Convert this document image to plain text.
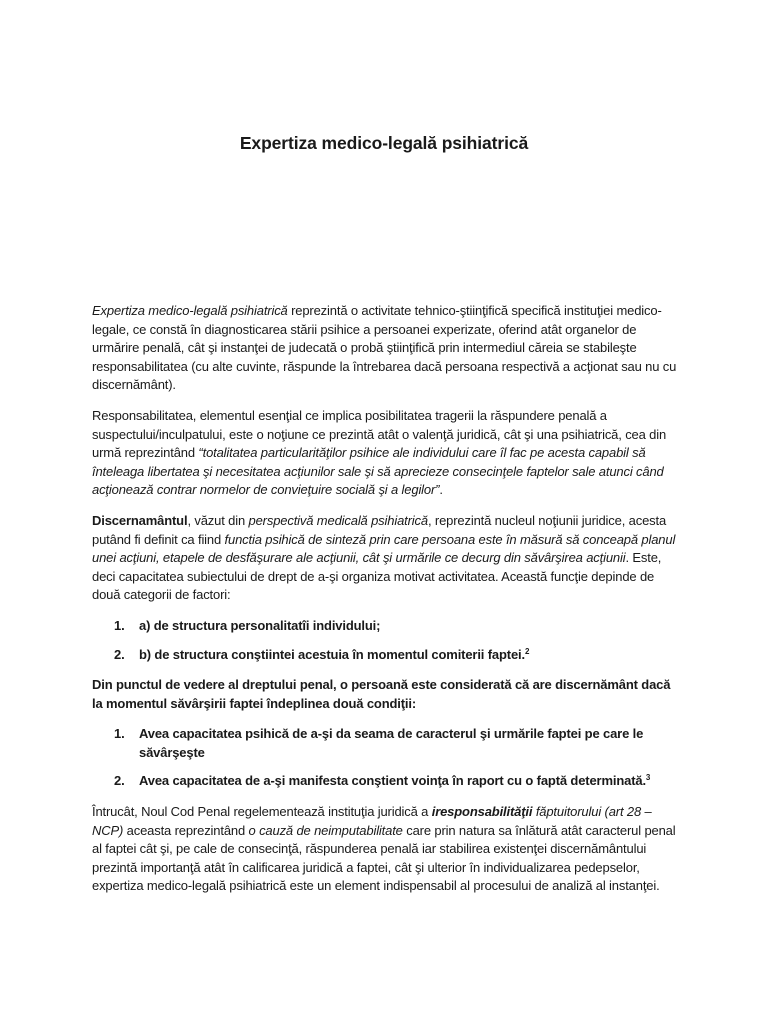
Expertiza medico-legală psihiatrică

Expertiza medico-legală psihiatrică reprezintă o activitate tehnico-ştiinţifică specifică instituţiei medico-legale, ce constă în diagnosticarea stării psihice a persoanei experizate, oferind atât organelor de urmărire penală, cât şi instanţei de judecată o probă ştiinţifică prin intermediul căreia se stabileşte responsabilitatea (cu alte cuvinte, răspunde la întrebarea dacă persoana respectivă a acţionat sau nu cu discernământ).

Responsabilitatea, elementul esenţial ce implica posibilitatea tragerii la răspundere penală a suspectului/inculpatului, este o noţiune ce prezintă atât o valenţă juridică, cât şi una psihiatrică, cea din urmă reprezintând “totalitatea particularităţilor psihice ale individului care îl fac pe acesta capabil să înteleaga libertatea şi necesitatea acţiunilor sale şi să aprecieze consecinţele faptelor sale atunci când acţionează contrar normelor de convieţuire socială şi a legilor”.

Discernamântul, văzut din perspectivă medicală psihiatrică, reprezintă nucleul noţiunii juridice, acesta putând fi definit ca fiind functia psihică de sinteză prin care persoana este în măsură să conceapă planul unei acţiuni, etapele de desfăşurare ale acţiunii, cât şi urmările ce decurg din săvârşirea acţiunii. Este, deci capacitatea subiectului de drept de a-şi organiza motivat activitatea. Această funcţie depinde de două categorii de factori:

1. a) de structura personalitatîi individului;
2. b) de structura conştiintei acestuia în momentul comiterii faptei.$^2$

Din punctul de vedere al dreptului penal, o persoană este considerată că are discernământ dacă la momentul săvârşirii faptei îndeplinea două condiţii:

1. Avea capacitatea psihică de a-şi da seama de caracterul şi urmările faptei pe care le săvârşeşte
2. Avea capacitatea de a-şi manifesta conştient voinţa în raport cu o faptă determinată.$^3$

Întrucât, Noul Cod Penal regelementează instituţia juridică a iresponsabilităţii făptuitorului (art 28 – NCP) aceasta reprezintând o cauză de neimputabilitate care prin natura sa înlătură atât caracterul penal al faptei cât şi, pe cale de consecinţă, răspunderea penală iar stabilirea existenţei discernământului prezintă importanţă atât în calificarea juridică a faptei, cât şi ulterior în individualizarea pedepselor, expertiza medico-legală psihiatrică este un element indispensabil al procesului de analiză al instanţei.
